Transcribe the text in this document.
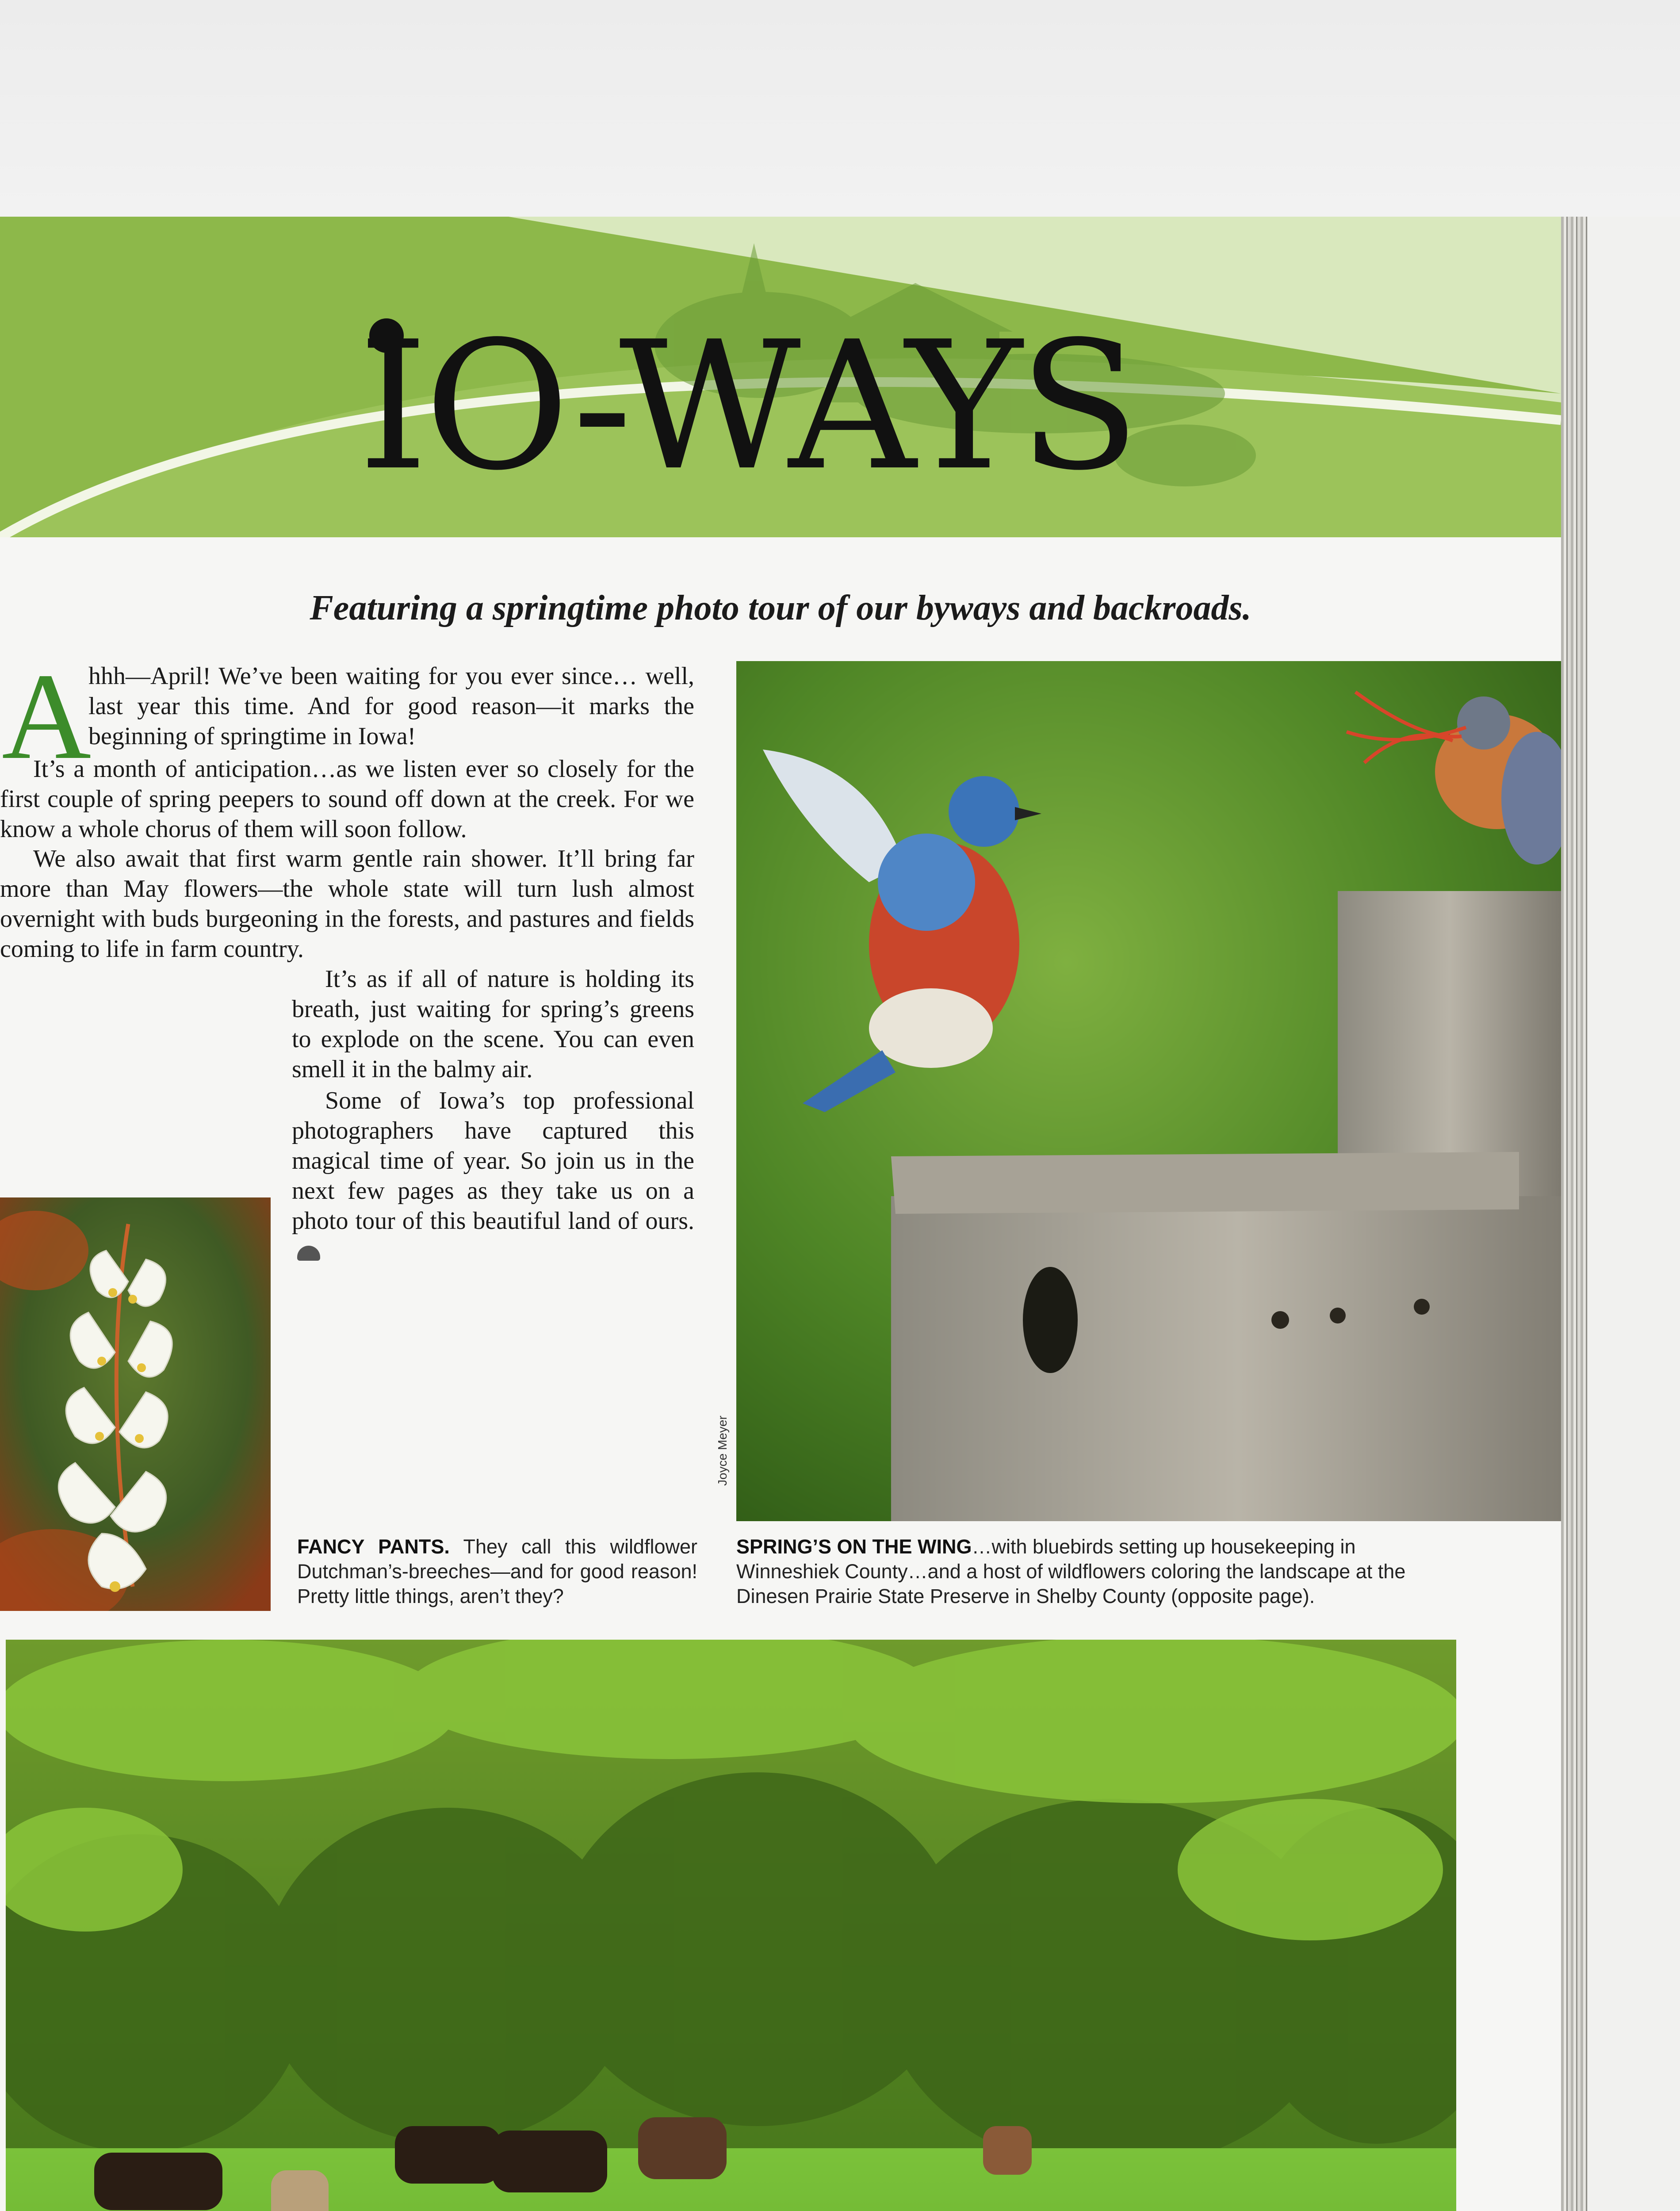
IO-WAYS
Featuring a springtime photo tour of our byways and backroads.
A

hhh—April! We’ve been waiting for you ever since… well, last year this time. And for good reason—it marks the beginning of springtime in Iowa!

It’s a month of anticipation…as we listen ever so closely for the first couple of spring peepers to sound off down at the creek. For we know a whole chorus of them will soon follow.

We also await that first warm gentle rain shower. It’ll bring far more than May flowers—the whole state will turn lush almost overnight with buds burgeoning in the forests, and pastures and fields coming to life in farm country.

It’s as if all of nature is holding its breath, just waiting for spring’s greens to explode on the scene. You can even smell it in the balmy air.

Some of Iowa’s top professional photographers have captured this magical time of year. So join us in the next few pages as they take us on a photo tour of this beautiful land of ours.

Joyce Meyer

FANCY PANTS. They call this wildflower Dutchman’s-breeches—and for good reason! Pretty little things, aren’t they?

SPRING’S ON THE WING…with bluebirds setting up housekeeping in Winneshiek County…and a host of wildflowers coloring the landscape at the Dinesen Prairie State Preserve in Shelby County (opposite page).
